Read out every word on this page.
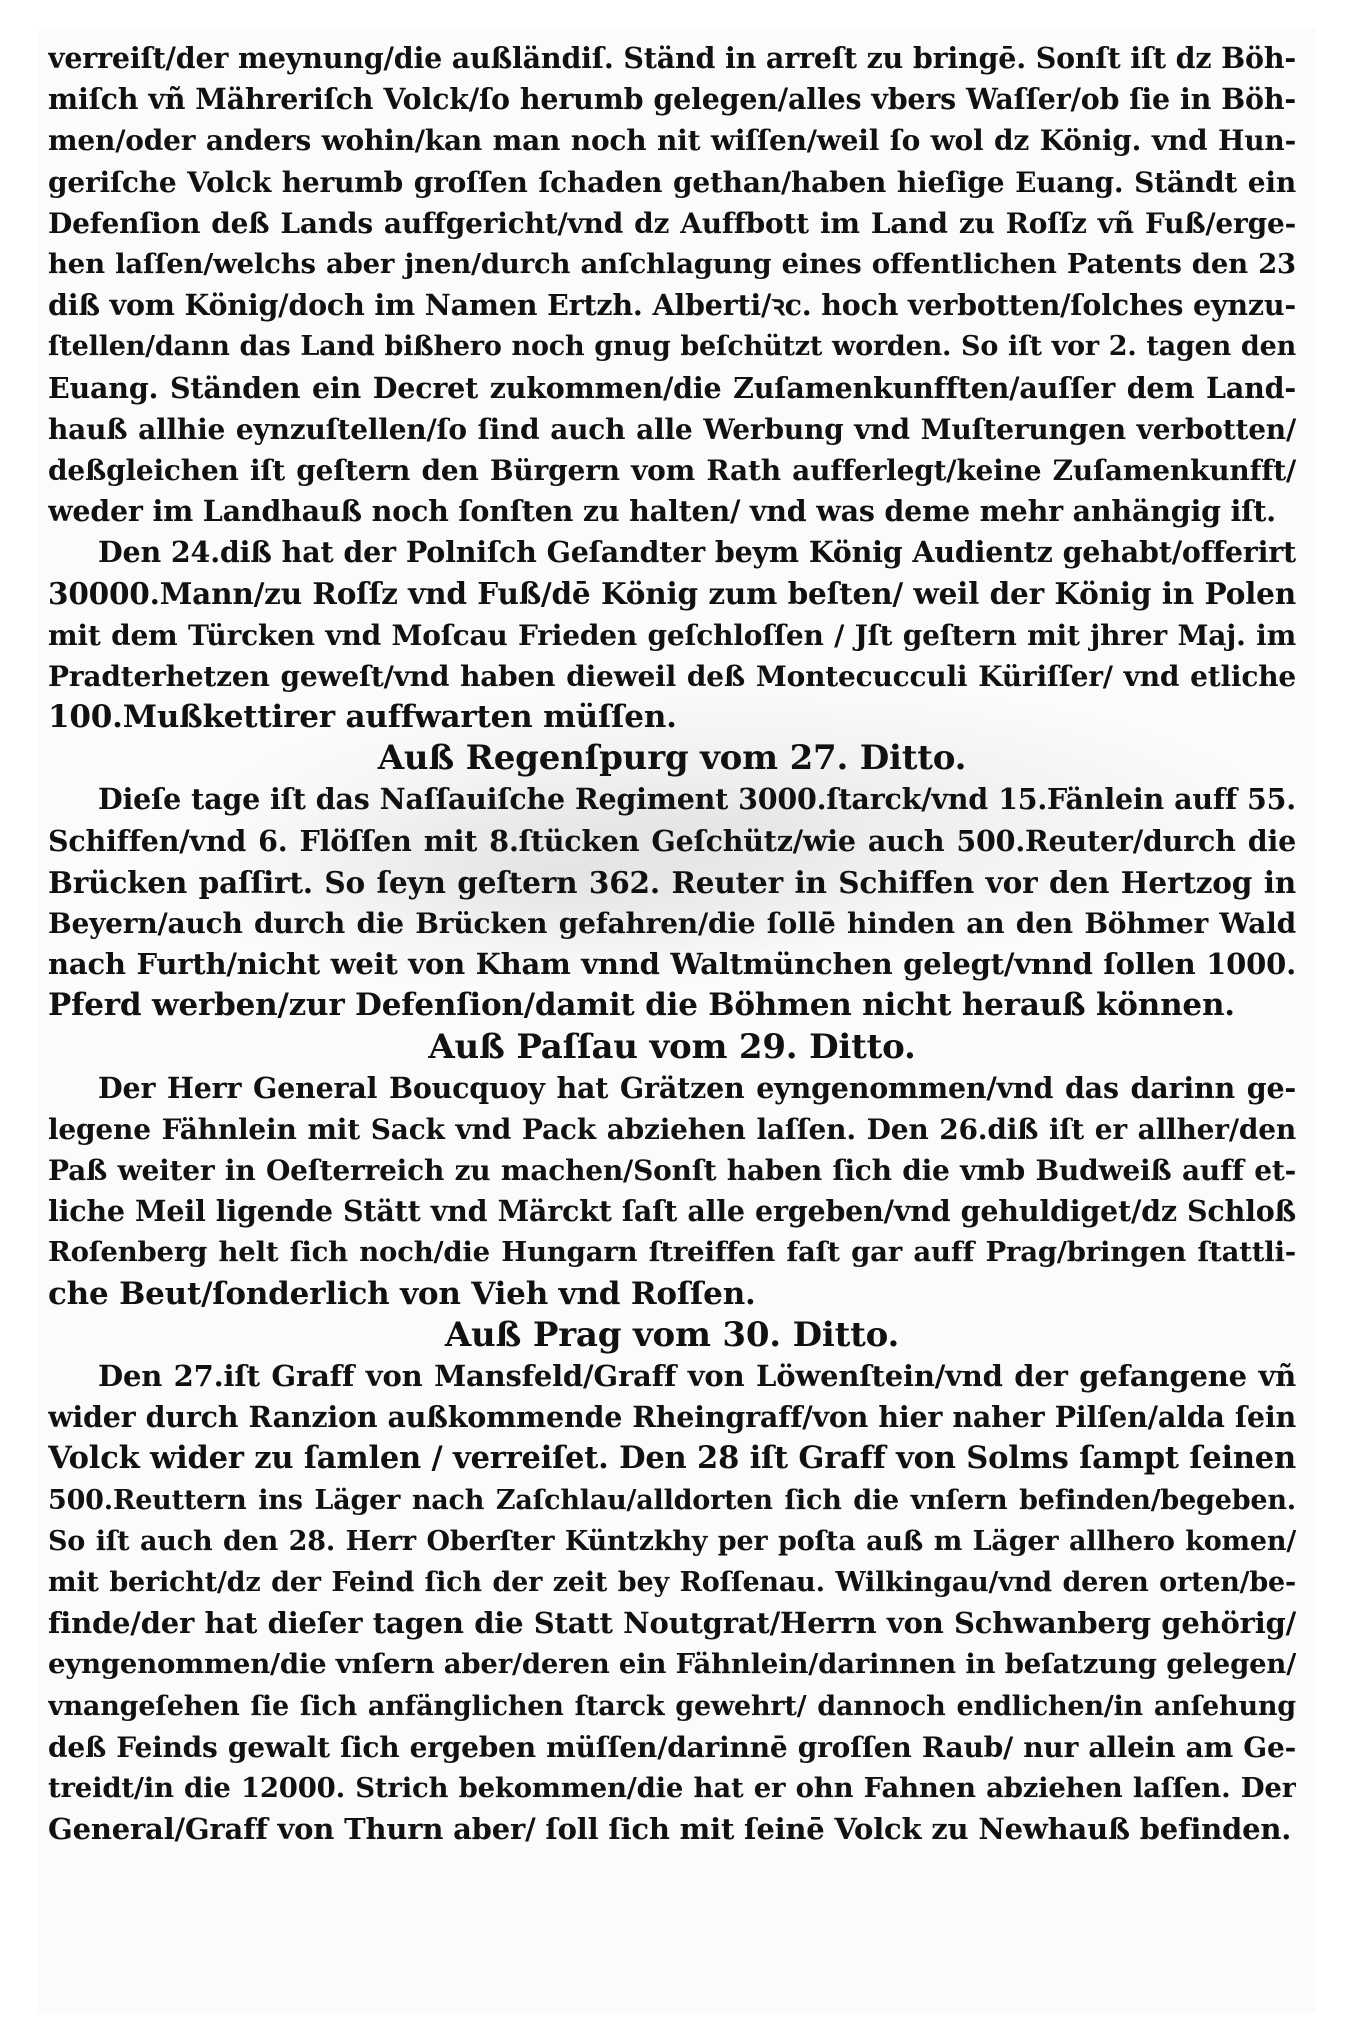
verreiſt/der meynung/die außländiſ. Ständ in arreſt zu bringē. Sonſt iſt dz Böh-
miſch vñ Mähreriſch Volck/ſo herumb gelegen/alles vbers Waſſer/ob ſie in Böh-
men/oder anders wohin/kan man noch nit wiſſen/weil ſo wol dz König. vnd Hun-
geriſche Volck herumb groſſen ſchaden gethan/haben hieſige Euang. Ständt ein
Defenſion deß Lands auffgericht/vnd dz Auffbott im Land zu Roſſz vñ Fuß/erge-
hen laſſen/welchs aber jnen/durch anſchlagung eines offentlichen Patents den 23
diß vom König/doch im Namen Ertzh. Alberti/ꝛc. hoch verbotten/ſolches eynzu-
ſtellen/dann das Land bißhero noch gnug beſchützt worden. So iſt vor 2. tagen den
Euang. Ständen ein Decret zukommen/die Zuſamenkunfften/auſſer dem Land-
hauß allhie eynzuſtellen/ſo ſind auch alle Werbung vnd Muſterungen verbotten/
deßgleichen iſt geſtern den Bürgern vom Rath aufferlegt/keine Zuſamenkunfft/
weder im Landhauß noch ſonſten zu halten/ vnd was deme mehr anhängig iſt.
Den 24.diß hat der Polniſch Geſandter beym König Audientz gehabt/offerirt
30000.Mann/zu Roſſz vnd Fuß/dē König zum beſten/ weil der König in Polen
mit dem Türcken vnd Moſcau Frieden geſchloſſen / Jſt geſtern mit jhrer Maj. im
Pradterhetzen geweſt/vnd haben dieweil deß Montecucculi Küriſſer/ vnd etliche
100.Mußkettirer auffwarten müſſen.
Auß Regenſpurg vom 27. Ditto.
Dieſe tage iſt das Naſſauiſche Regiment 3000.ſtarck/vnd 15.Fänlein auff 55.
Schiffen/vnd 6. Flöſſen mit 8.ſtücken Geſchütz/wie auch 500.Reuter/durch die
Brücken paſſirt. So ſeyn geſtern 362. Reuter in Schiffen vor den Hertzog in
Beyern/auch durch die Brücken gefahren/die ſollē hinden an den Böhmer Wald
nach Furth/nicht weit von Kham vnnd Waltmünchen gelegt/vnnd ſollen 1000.
Pferd werben/zur Defenſion/damit die Böhmen nicht herauß können.
Auß Paſſau vom 29. Ditto.
Der Herr General Boucquoy hat Grätzen eyngenommen/vnd das darinn ge-
legene Fähnlein mit Sack vnd Pack abziehen laſſen. Den 26.diß iſt er allher/den
Paß weiter in Oeſterreich zu machen/Sonſt haben ſich die vmb Budweiß auff et-
liche Meil ligende Stätt vnd Märckt ſaſt alle ergeben/vnd gehuldiget/dz Schloß
Roſenberg helt ſich noch/die Hungarn ſtreiffen faſt gar auff Prag/bringen ſtattli-
che Beut/ſonderlich von Vieh vnd Roſſen.
Auß Prag vom 30. Ditto.
Den 27.iſt Graff von Mansfeld/Graff von Löwenſtein/vnd der gefangene vñ
wider durch Ranzion außkommende Rheingraff/von hier naher Pilſen/alda ſein
Volck wider zu ſamlen / verreiſet. Den 28 iſt Graff von Solms ſampt ſeinen
500.Reuttern ins Läger nach Zaſchlau/alldorten ſich die vnſern befinden/begeben.
So iſt auch den 28. Herr Oberſter Küntzkhy per poſta auß m Läger allhero komen/
mit bericht/dz der Feind ſich der zeit bey Roſſenau. Wilkingau/vnd deren orten/be-
finde/der hat dieſer tagen die Statt Noutgrat/Herrn von Schwanberg gehörig/
eyngenommen/die vnſern aber/deren ein Fähnlein/darinnen in beſatzung gelegen/
vnangeſehen ſie ſich anfänglichen ſtarck gewehrt/ dannoch endlichen/in anſehung
deß Feinds gewalt ſich ergeben müſſen/darinnē groſſen Raub/ nur allein am Ge-
treidt/in die 12000. Strich bekommen/die hat er ohn Fahnen abziehen laſſen. Der
General/Graff von Thurn aber/ ſoll ſich mit ſeinē Volck zu Newhauß befinden.
